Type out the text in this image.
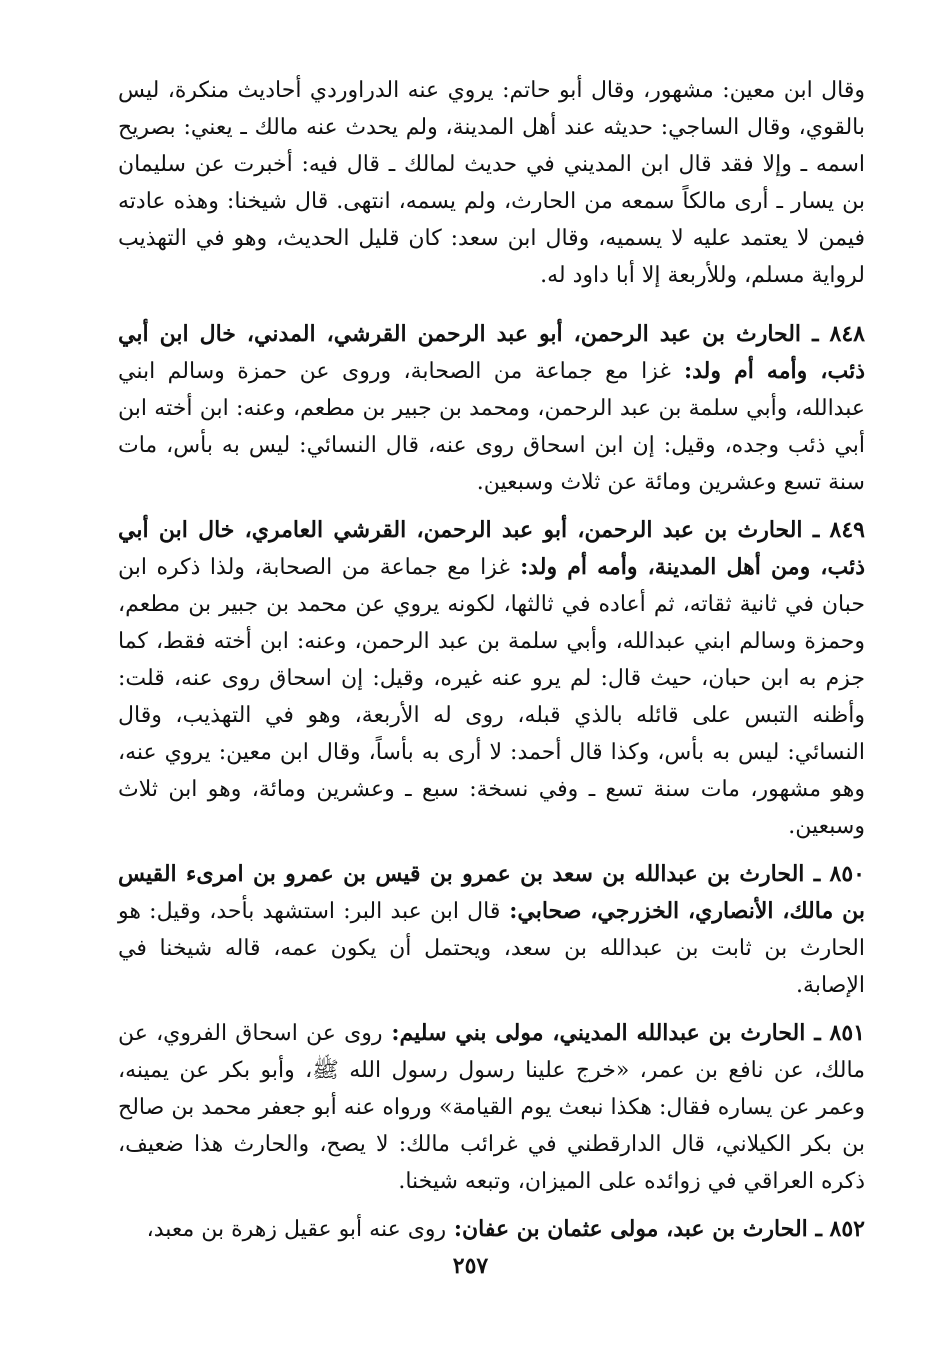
وقال ابن معين: مشهور، وقال أبو حاتم: يروي عنه الدراوردي أحاديث منكرة، ليس بالقوي، وقال الساجي: حديثه عند أهل المدينة، ولم يحدث عنه مالك ـ يعني: بصريح اسمه ـ وإلا فقد قال ابن المديني في حديث لمالك ـ قال فيه: أخبرت عن سليمان بن يسار ـ أرى مالكاً سمعه من الحارث، ولم يسمه، انتهى. قال شيخنا: وهذه عادته فيمن لا يعتمد عليه لا يسميه، وقال ابن سعد: كان قليل الحديث، وهو في التهذيب لرواية مسلم، وللأربعة إلا أبا داود له.

٨٤٨ ـ الحارث بن عبد الرحمن، أبو عبد الرحمن القرشي، المدني، خال ابن أبي ذئب، وأمه أم ولد: غزا مع جماعة من الصحابة، وروى عن حمزة وسالم ابني عبدالله، وأبي سلمة بن عبد الرحمن، ومحمد بن جبير بن مطعم، وعنه: ابن أخته ابن أبي ذئب وجده، وقيل: إن ابن اسحاق روى عنه، قال النسائي: ليس به بأس، مات سنة تسع وعشرين ومائة عن ثلاث وسبعين.

٨٤٩ ـ الحارث بن عبد الرحمن، أبو عبد الرحمن، القرشي العامري، خال ابن أبي ذئب، ومن أهل المدينة، وأمه أم ولد: غزا مع جماعة من الصحابة، ولذا ذكره ابن حبان في ثانية ثقاته، ثم أعاده في ثالثها، لكونه يروي عن محمد بن جبير بن مطعم، وحمزة وسالم ابني عبدالله، وأبي سلمة بن عبد الرحمن، وعنه: ابن أخته فقط، كما جزم به ابن حبان، حيث قال: لم يرو عنه غيره، وقيل: إن اسحاق روى عنه، قلت: وأظنه التبس على قائله بالذي قبله، روى له الأربعة، وهو في التهذيب، وقال النسائي: ليس به بأس، وكذا قال أحمد: لا أرى به بأساً، وقال ابن معين: يروي عنه، وهو مشهور، مات سنة تسع ـ وفي نسخة: سبع ـ وعشرين ومائة، وهو ابن ثلاث وسبعين.

٨٥٠ ـ الحارث بن عبدالله بن سعد بن عمرو بن قيس بن عمرو بن امرىء القيس بن مالك، الأنصاري، الخزرجي، صحابي: قال ابن عبد البر: استشهد بأحد، وقيل: هو الحارث بن ثابت بن عبدالله بن سعد، ويحتمل أن يكون عمه، قاله شيخنا في الإصابة.

٨٥١ ـ الحارث بن عبدالله المديني، مولى بني سليم: روى عن اسحاق الفروي، عن مالك، عن نافع بن عمر، «خرج علينا رسول رسول الله ﷺ، وأبو بكر عن يمينه، وعمر عن يساره فقال: هكذا نبعث يوم القيامة» ورواه عنه أبو جعفر محمد بن صالح بن بكر الكيلاني، قال الدارقطني في غرائب مالك: لا يصح، والحارث هذا ضعيف، ذكره العراقي في زوائده على الميزان، وتبعه شيخنا.

٨٥٢ ـ الحارث بن عبد، مولى عثمان بن عفان: روى عنه أبو عقيل زهرة بن معبد،

٢٥٧
